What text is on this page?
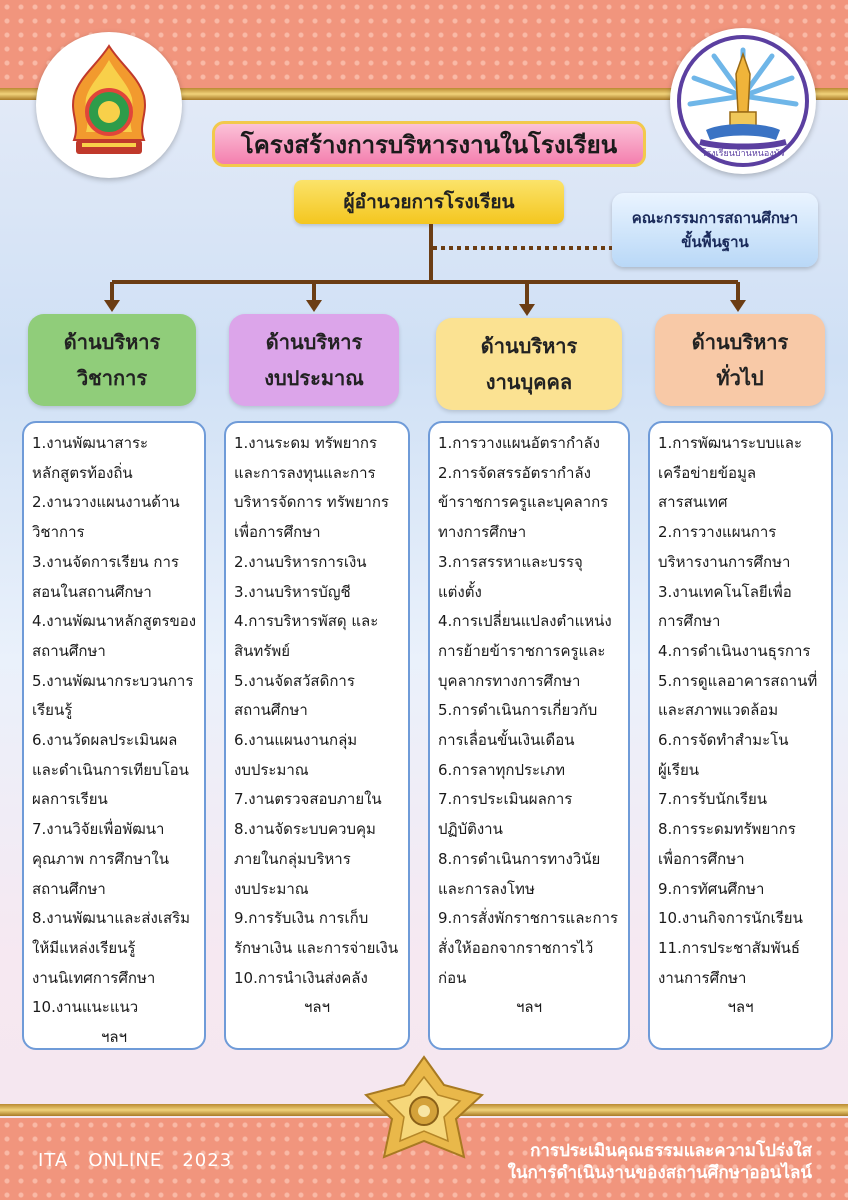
โรงเรียนบ้านหนองบัว
โครงสร้างการบริหารงานในโรงเรียน
ผู้อำนวยการโรงเรียน
คณะกรรมการสถานศึกษา
ขั้นพื้นฐาน
ด้านบริหาร
วิชาการ
ด้านบริหาร
งบประมาณ
ด้านบริหาร
งานบุคคล
ด้านบริหาร
ทั่วไป
1.งานพัฒนาสาระ
หลักสูตรท้องถิ่น
2.งานวางแผนงานด้าน
วิชาการ
3.งานจัดการเรียน การ
สอนในสถานศึกษา
4.งานพัฒนาหลักสูตรของ
สถานศึกษา
5.งานพัฒนากระบวนการ
เรียนรู้
6.งานวัดผลประเมินผล
และดำเนินการเทียบโอน
ผลการเรียน
7.งานวิจัยเพื่อพัฒนา
คุณภาพ การศึกษาใน
สถานศึกษา
8.งานพัฒนาและส่งเสริม
ให้มีแหล่งเรียนรู้
งานนิเทศการศึกษา
10.งานแนะแนว
ฯลฯ
1.งานระดม ทรัพยากร
และการลงทุนและการ
บริหารจัดการ ทรัพยากร
เพื่อการศึกษา
2.งานบริหารการเงิน
3.งานบริหารบัญชี
4.การบริหารพัสดุ และ
สินทรัพย์
5.งานจัดสวัสดิการ
สถานศึกษา
6.งานแผนงานกลุ่ม
งบประมาณ
7.งานตรวจสอบภายใน
8.งานจัดระบบควบคุม
ภายในกลุ่มบริหาร
งบประมาณ
9.การรับเงิน การเก็บ
รักษาเงิน และการจ่ายเงิน
10.การนำเงินส่งคลัง
ฯลฯ
1.การวางแผนอัตรากำลัง
2.การจัดสรรอัตรากำลัง
ข้าราชการครูและบุคลากร
ทางการศึกษา
3.การสรรหาและบรรจุ
แต่งตั้ง
4.การเปลี่ยนแปลงตำแหน่ง
การย้ายข้าราชการครูและ
บุคลากรทางการศึกษา
5.การดำเนินการเกี่ยวกับ
การเลื่อนขั้นเงินเดือน
6.การลาทุกประเภท
7.การประเมินผลการ
ปฏิบัติงาน
8.การดำเนินการทางวินัย
และการลงโทษ
9.การสั่งพักราชการและการ
สั่งให้ออกจากราชการไว้
ก่อน
ฯลฯ
1.การพัฒนาระบบและ
เครือข่ายข้อมูล
สารสนเทศ
2.การวางแผนการ
บริหารงานการศึกษา
3.งานเทคโนโลยีเพื่อ
การศึกษา
4.การดำเนินงานธุรการ
5.การดูแลอาคารสถานที่
และสภาพแวดล้อม
6.การจัดทำสำมะโน
ผู้เรียน
7.การรับนักเรียน
8.การระดมทรัพยากร
เพื่อการศึกษา
9.การทัศนศึกษา
10.งานกิจการนักเรียน
11.การประชาสัมพันธ์
งานการศึกษา
ฯลฯ
ITA   ONLINE   2023	การประเมินคุณธรรมและความโปร่งใส
ในการดำเนินงานของสถานศึกษาออนไลน์
